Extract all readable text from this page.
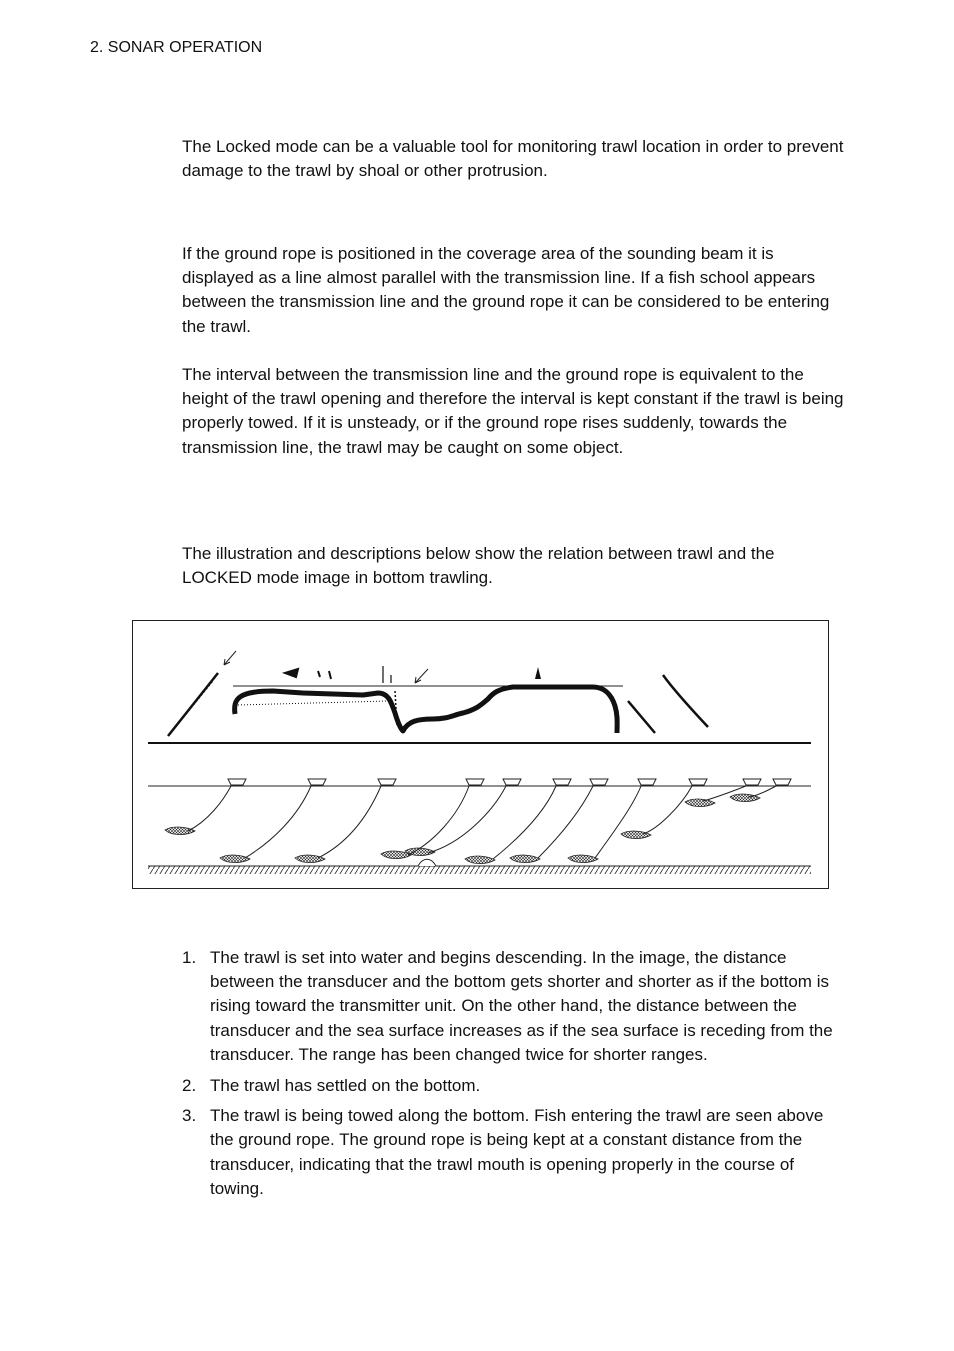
2. SONAR OPERATION

The Locked mode can be a valuable tool for monitoring trawl location in order to prevent damage to the trawl by shoal or other protrusion.

If the ground rope is positioned in the coverage area of the sounding beam it is displayed as a line almost parallel with the transmission line. If a fish school appears between the transmission line and the ground rope it can be considered to be entering the trawl.

The interval between the transmission line and the ground rope is equivalent to the height of the trawl opening and therefore the interval is kept constant if the trawl is being properly towed. If it is unsteady, or if the ground rope rises suddenly, towards the transmission line, the trawl may be caught on some object.

The illustration and descriptions below show the relation between trawl and the LOCKED mode image in bottom trawling.

1. The trawl is set into water and begins descending. In the image, the distance between the transducer and the bottom gets shorter and shorter as if the bottom is rising toward the transmitter unit. On the other hand, the distance between the transducer and the sea surface increases as if the sea surface is receding from the transducer. The range has been changed twice for shorter ranges.
2. The trawl has settled on the bottom.
3. The trawl is being towed along the bottom. Fish entering the trawl are seen above the ground rope. The ground rope is being kept at a constant distance from the transducer, indicating that the trawl mouth is opening properly in the course of towing.
